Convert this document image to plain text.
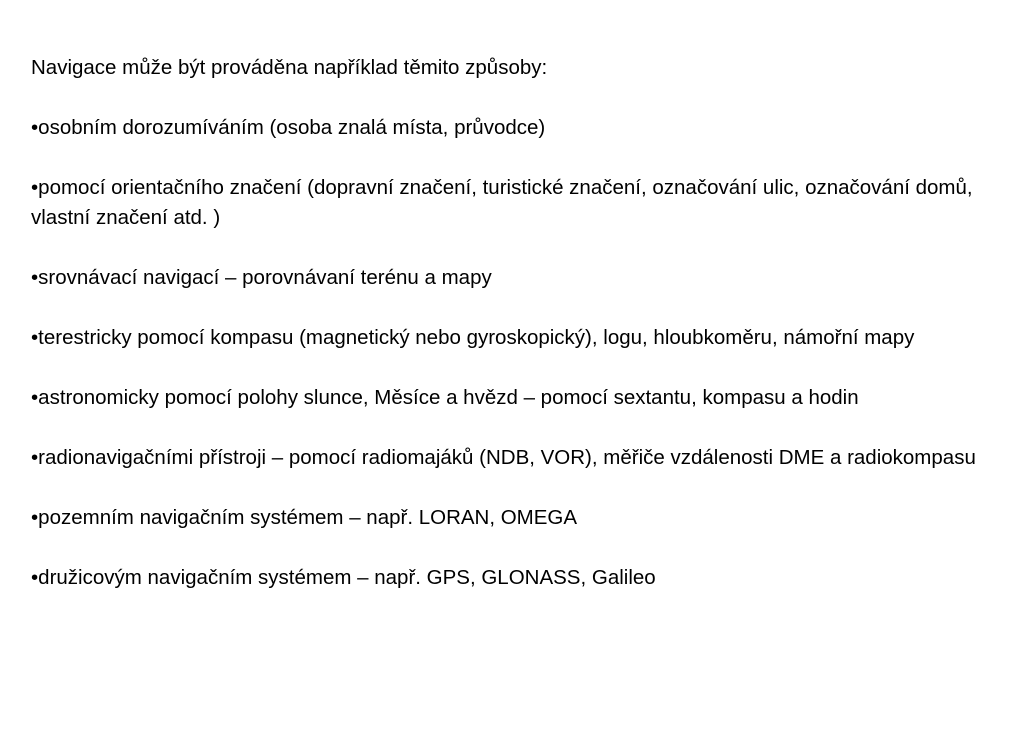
Navigace může být prováděna například těmito způsoby:

•osobním dorozumíváním (osoba znalá místa, průvodce)

•pomocí orientačního značení (dopravní značení, turistické značení, označování ulic, označování domů, vlastní značení atd. )

•srovnávací navigací – porovnávaní terénu a mapy

•terestricky pomocí kompasu (magnetický nebo gyroskopický), logu, hloubkoměru, námořní mapy

•astronomicky pomocí polohy slunce, Měsíce a hvězd – pomocí sextantu, kompasu a hodin

•radionavigačními přístroji – pomocí radiomajáků (NDB, VOR), měřiče vzdálenosti DME a radiokompasu

•pozemním navigačním systémem – např. LORAN, OMEGA

•družicovým navigačním systémem – např. GPS, GLONASS, Galileo
